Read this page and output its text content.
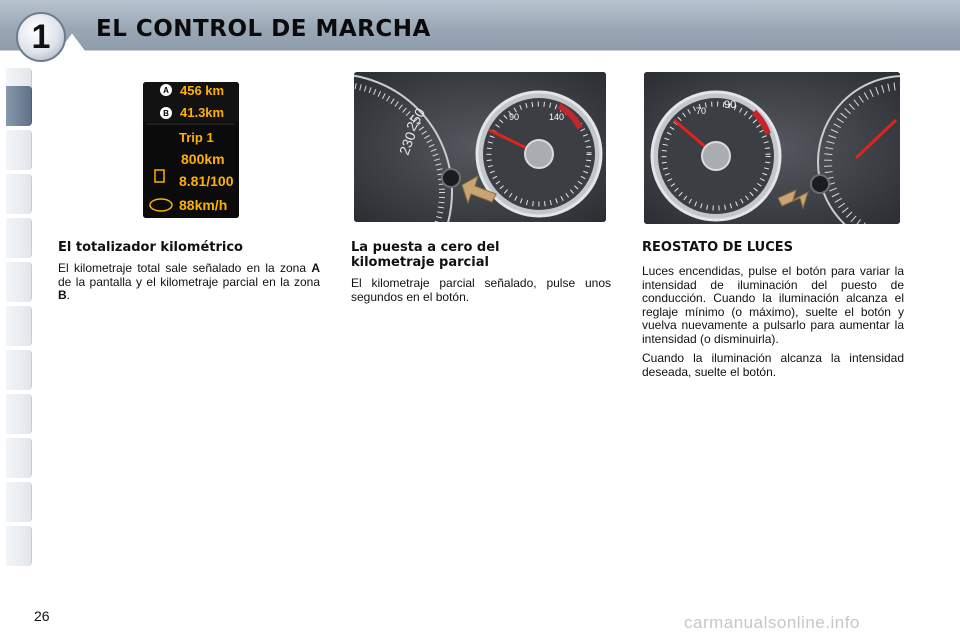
1	EL CONTROL DE MARCHA
A 456 km
B 41.3km
Trip 1
800km
8.81/100
88km/h
250
230
90	140
70 90
El totalizador kilométrico

El kilometraje total sale señalado en la zona A de la pantalla y el kilometraje parcial en la zona B.

La puesta a cero del kilometraje parcial

El kilometraje parcial señalado, pulse unos segundos en el botón.

REOSTATO DE LUCES

Luces encendidas, pulse el botón para variar la intensidad de iluminación del puesto de conducción. Cuando la iluminación alcanza el reglaje mínimo (o máximo), suelte el botón y vuelva nuevamente a pulsarlo para aumentar la intensidad (o disminuirla).

Cuando la iluminación alcanza la intensidad deseada, suelte el botón.

26	carmanualsonline.info
